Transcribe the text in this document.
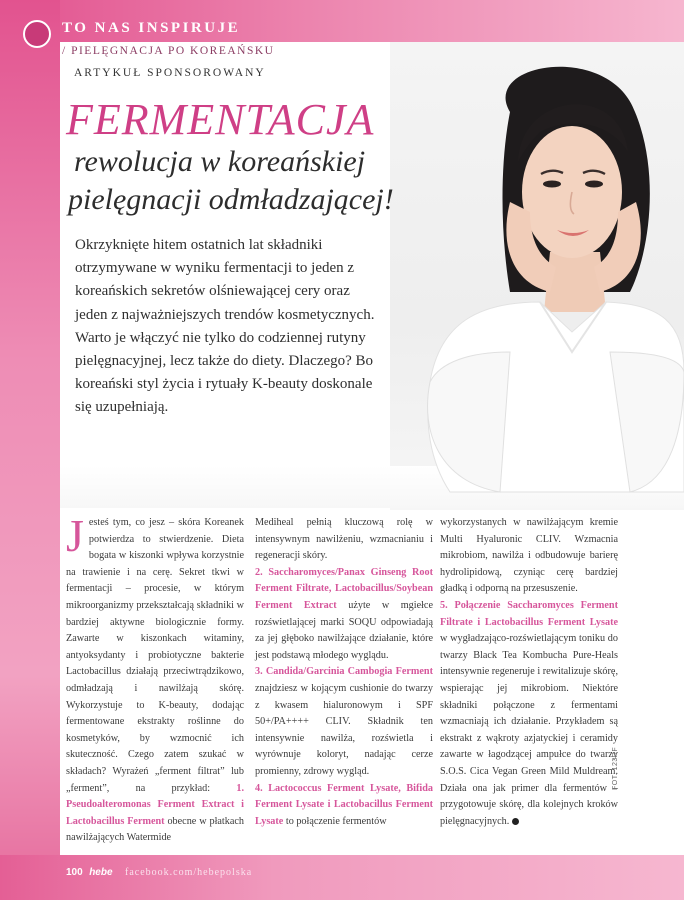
TO NAS INSPIRUJE
/ PIELĘGNACJA PO KOREAŃSKU
ARTYKUŁ SPONSOROWANY
FERMENTACJA
rewolucja w koreańskiej
pielęgnacji odmładzającej!
Okrzyknięte hitem ostatnich lat składniki otrzymywane w wyniku fermentacji to jeden z koreańskich sekretów olśniewającej cery oraz jeden z najważniejszych trendów kosmetycznych. Warto je włączyć nie tylko do codziennej rutyny pielęgnacyjnej, lecz także do diety. Dlaczego? Bo koreański styl życia i rytuały K-beauty doskonale się uzupełniają.
Jesteś tym, co jesz – skóra Koreanek potwierdza to stwierdzenie. Dieta bogata w kiszonki wpływa korzystnie na trawienie i na cerę. Sekret tkwi w fermentacji – procesie, w którym mikroorganizmy przekształcają składniki w bardziej aktywne biologicznie formy. Zawarte w kiszonkach witaminy, antyoksydanty i probiotyczne bakterie Lactobacillus działają przeciwtrądzikowo, odmładzają i nawilżają skórę. Wykorzystuje to K-beauty, dodając fermentowane ekstrakty roślinne do kosmetyków, by wzmocnić ich skuteczność. Czego zatem szukać w składach? Wyrażeń „ferment filtrat” lub „ferment”, na przykład: 1. Pseudoalteromonas Ferment Extract i Lactobacillus Ferment obecne w płatkach nawilżających Watermide
Mediheal pełnią kluczową rolę w intensywnym nawilżeniu, wzmacnianiu i regeneracji skóry.
2. Saccharomyces/Panax Ginseng Root Ferment Filtrate, Lactobacillus/Soybean Ferment Extract użyte w mgiełce rozświetlającej marki SOQU odpowiadają za jej głęboko nawilżające działanie, które jest podstawą młodego wyglądu.
3. Candida/Garcinia Cambogia Ferment znajdziesz w kojącym cushionie do twarzy z kwasem hialuronowym i SPF 50+/PA++++ CLIV. Składnik ten intensywnie nawilża, rozświetla i wyrównuje koloryt, nadając cerze promienny, zdrowy wygląd.
4. Lactococcus Ferment Lysate, Bifida Ferment Lysate i Lactobacillus Ferment Lysate to połączenie fermentów
wykorzystanych w nawilżającym kremie Multi Hyaluronic CLIV. Wzmacnia mikrobiom, nawilża i odbudowuje barierę hydrolipidową, czyniąc cerę bardziej gładką i odporną na przesuszenie.
5. Połączenie Saccharomyces Ferment Filtrate i Lactobacillus Ferment Lysate w wygładzająco-rozświetlającym toniku do twarzy Black Tea Kombucha Pure-Heals intensywnie regeneruje i rewitalizuje skórę, wspierając jej mikrobiom. Niektóre składniki połączone z fermentami wzmacniają ich działanie. Przykładem są ekstrakt z wąkroty azjatyckiej i ceramidy zawarte w łagodzącej ampułce do twarzy S.O.S. Cica Vegan Green Mild Muldream. Działa ona jak primer dla fermentów – przygotowuje skórę, dla kolejnych kroków pielęgnacyjnych.
FOT. 123RF
100 hebe facebook.com/hebepolska
